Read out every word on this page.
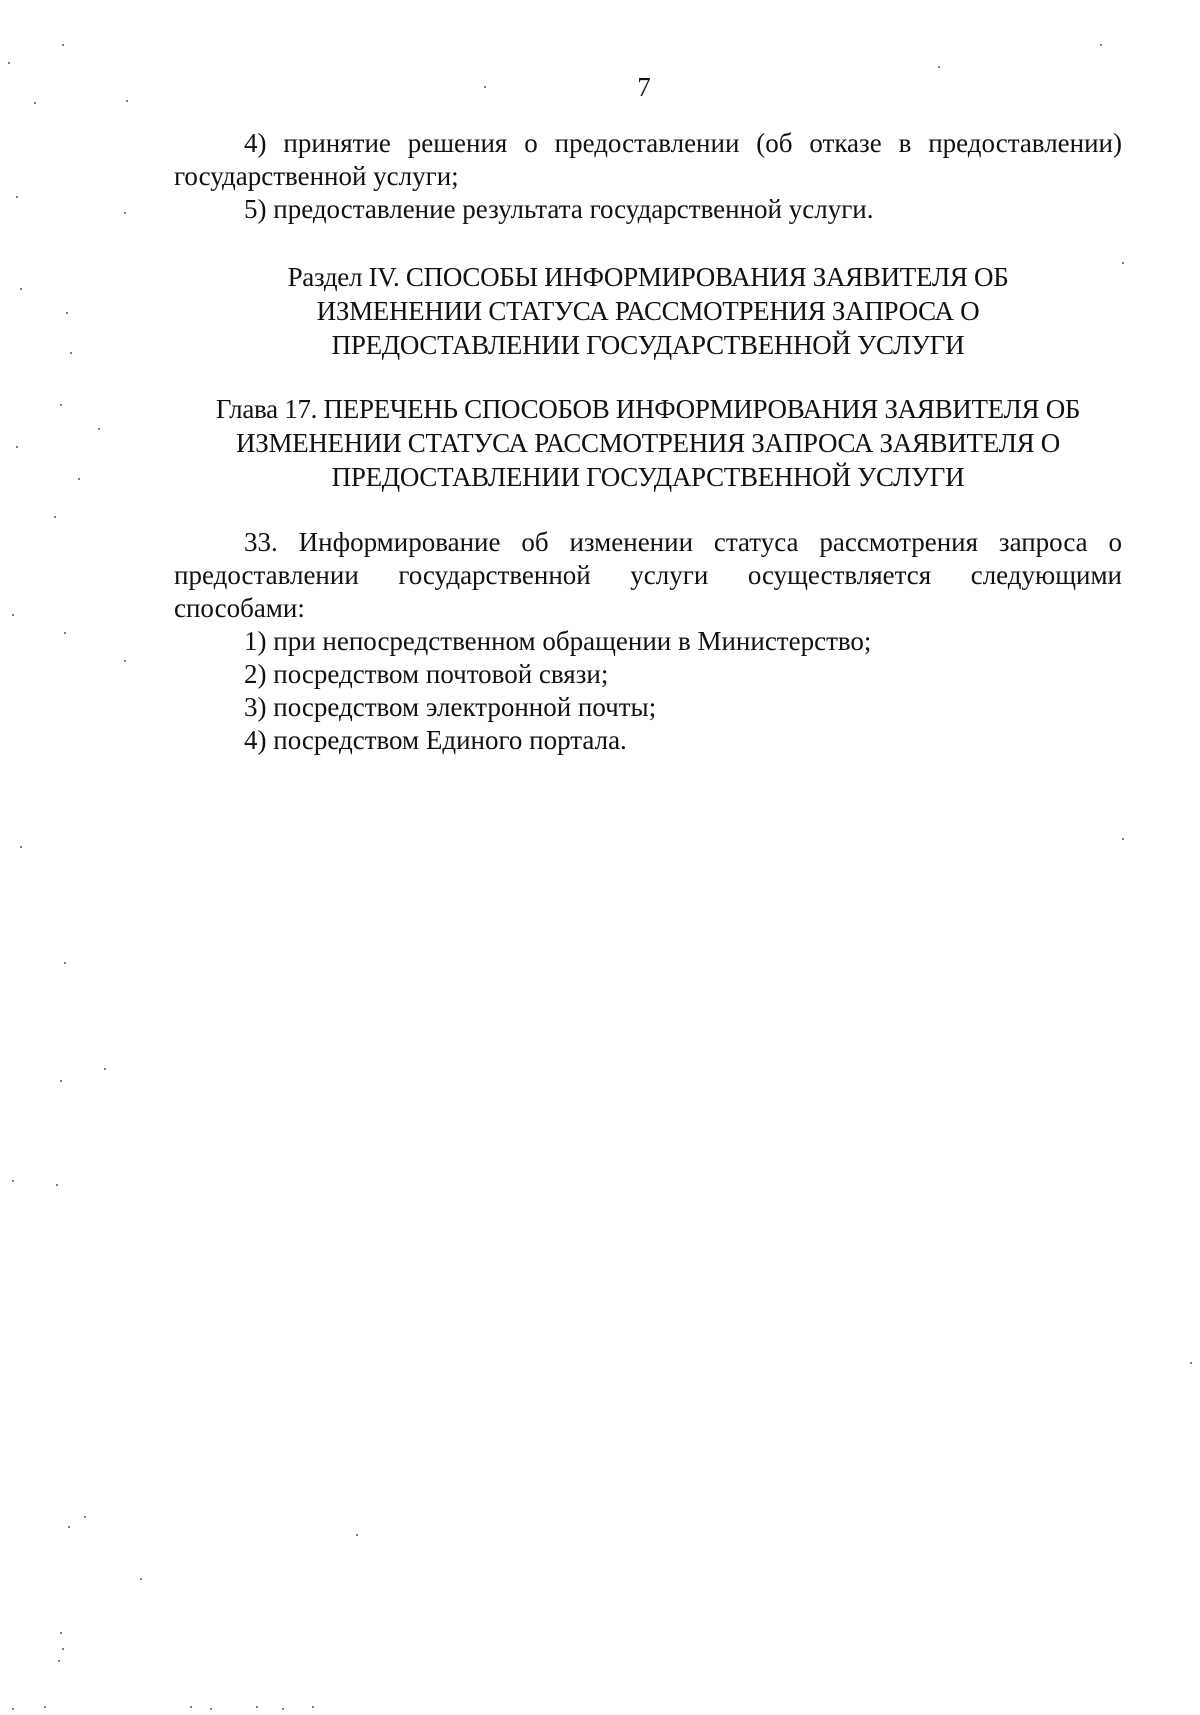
7

4) принятие решения о предоставлении (об отказе в предоставлении)

государственной услуги;

5) предоставление результата государственной услуги.

Раздел IV. СПОСОБЫ ИНФОРМИРОВАНИЯ ЗАЯВИТЕЛЯ ОБ
ИЗМЕНЕНИИ СТАТУСА РАССМОТРЕНИЯ ЗАПРОСА О
ПРЕДОСТАВЛЕНИИ ГОСУДАРСТВЕННОЙ УСЛУГИ
Глава 17. ПЕРЕЧЕНЬ СПОСОБОВ ИНФОРМИРОВАНИЯ ЗАЯВИТЕЛЯ ОБ
ИЗМЕНЕНИИ СТАТУСА РАССМОТРЕНИЯ ЗАПРОСА ЗАЯВИТЕЛЯ О
ПРЕДОСТАВЛЕНИИ ГОСУДАРСТВЕННОЙ УСЛУГИ

33. Информирование об изменении статуса рассмотрения запроса о предоставлении государственной услуги осуществляется следующими способами:

1) при непосредственном обращении в Министерство;

2) посредством почтовой связи;

3) посредством электронной почты;

4) посредством Единого портала.
